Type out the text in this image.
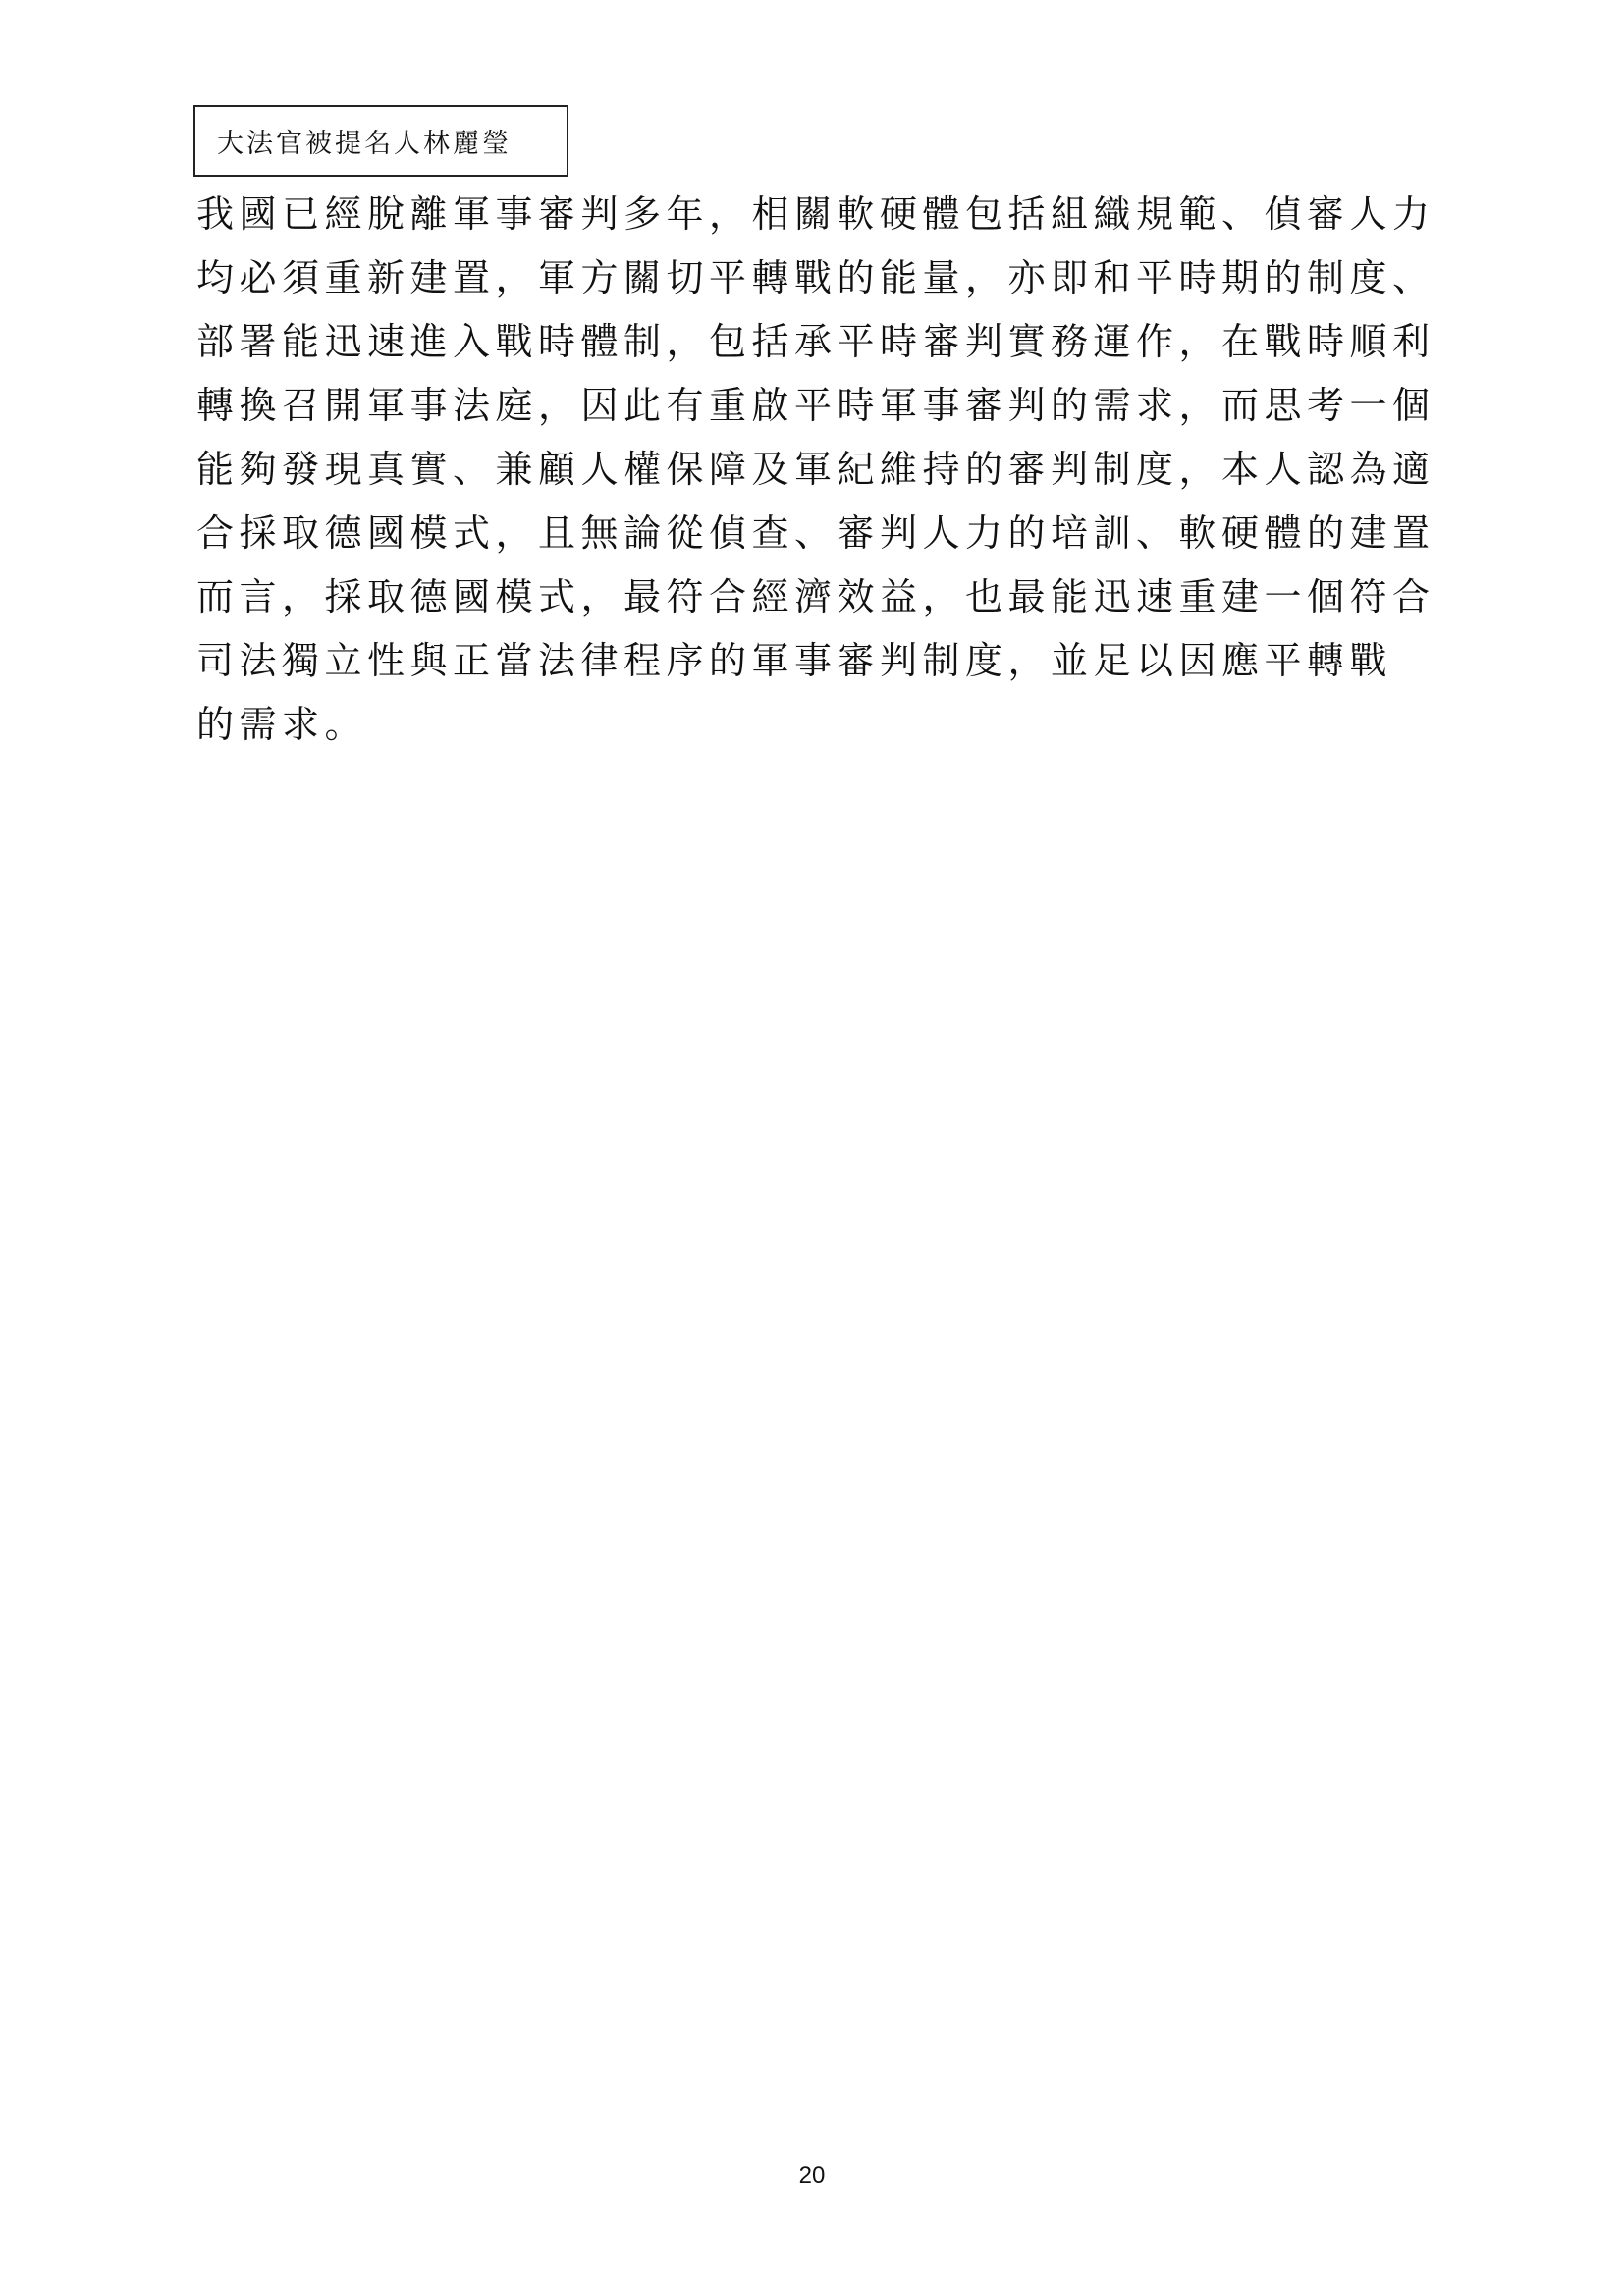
大法官被提名人林麗瑩
我國已經脫離軍事審判多年，相關軟硬體包括組織規範、偵審人力
均必須重新建置，軍方關切平轉戰的能量，亦即和平時期的制度、
部署能迅速進入戰時體制，包括承平時審判實務運作，在戰時順利
轉換召開軍事法庭，因此有重啟平時軍事審判的需求，而思考一個
能夠發現真實、兼顧人權保障及軍紀維持的審判制度，本人認為適
合採取德國模式，且無論從偵查、審判人力的培訓、軟硬體的建置
而言，採取德國模式，最符合經濟效益，也最能迅速重建一個符合
司法獨立性與正當法律程序的軍事審判制度，並足以因應平轉戰
的需求。
20
